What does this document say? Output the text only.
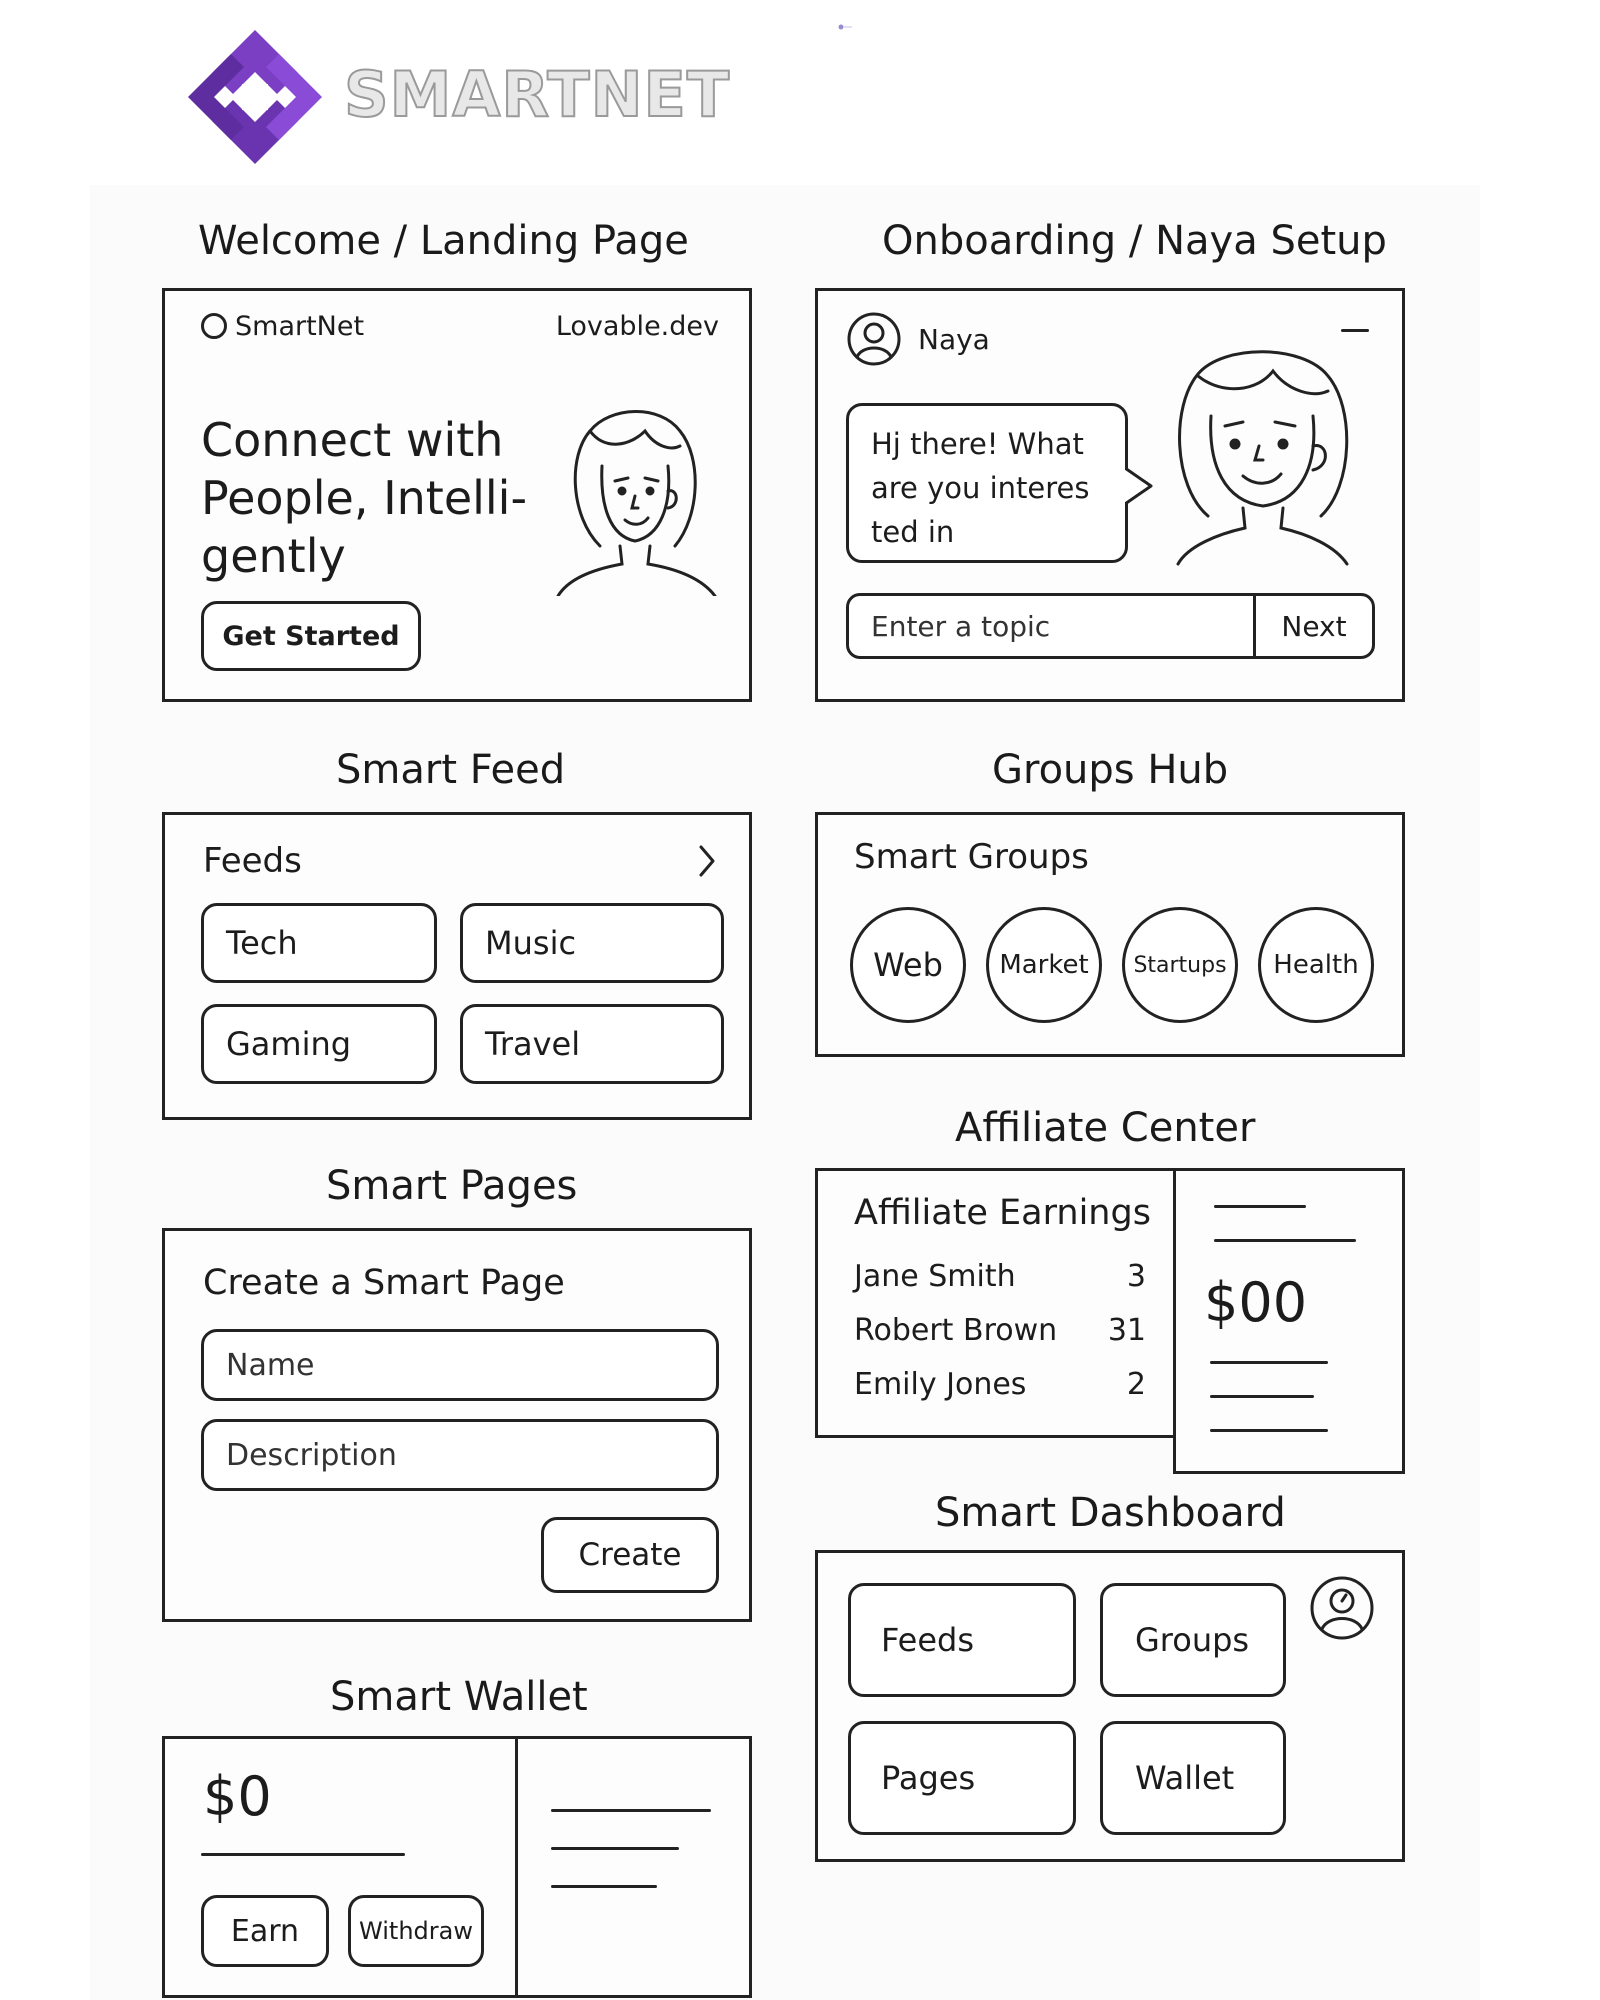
SMARTNET
Welcome / Landing Page
SmartNet	Lovable.dev
Connect with
People, Intelli-
gently
Get Started
Onboarding / Naya Setup
Naya
Hj there! What
are you interes
ted in
Enter a topic	Next
Smart Feed
Feeds
Tech	Music
Gaming	Travel
Groups Hub
Smart Groups
Web	Market	Startups	Health
Affiliate Center
Affiliate Earnings
Jane Smith	3
Robert Brown 31
Emily Jones	2
$00
Smart Pages
Create a Smart Page
Name
Description
Create
Smart Dashboard
Feeds	Groups
Pages	Wallet
Smart Wallet
$0
Earn	Withdraw
